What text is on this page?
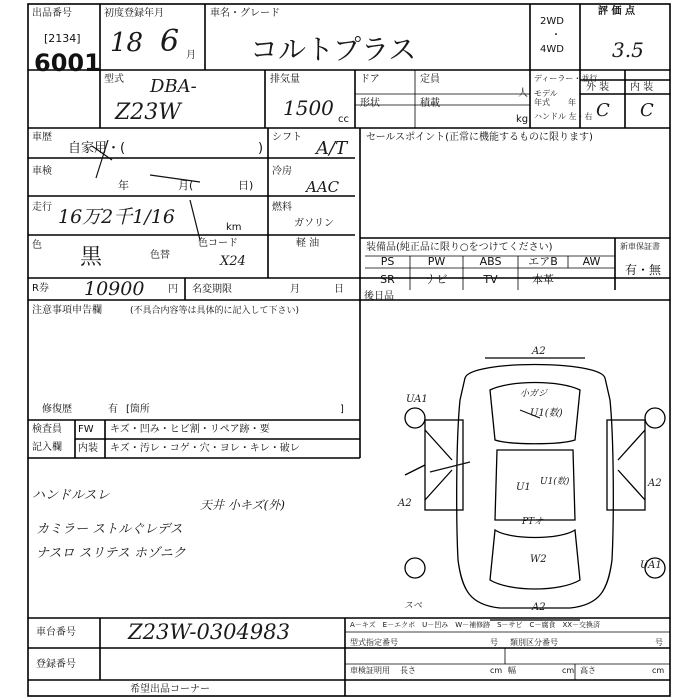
出品番号
[2134]
6001
初度登録年月
18 6 月
車名・グレード
コルトプラス
2WD
・
4WD
評 価 点
3.5
型式 DBA-
Z23W
排気量
1500 cc
ドア	定員
人
形状	積載
kg
ディーラー・並行
モデル
年式 年
ハンドル 左・右
外 装 内 装
C C
車歴
自家用・(	)
車検
年	月(	日)
走行 16万2千1/16	km
色 黒	色替
色コード
X24
シフト
A/T
冷房
AAC
燃料
ガソリン
軽 油
R券 10900 円 名変期限	月	日
セールスポイント(正常に機能するものに限ります)
装備品(純正品に限り○をつけてください)	新車保証書
有・無
PS	PW	ABS	エアB	AW
SR	ナビ	TV	本革
後日品
注意事項申告欄	(不具合内容等は具体的に記入して下さい)
修復歴	有 [箇所	]
検査員
記入欄
FW キズ・凹み・ヒビ割・リペア跡・要
内装 キズ・汚レ・コゲ・穴・ヨレ・キレ・破レ
ハンドルスレ
天井 小キズ(外)
カミラー ストルぐレデス
ナスロ スリテス ホゾニク
A2
UA1	小ガジ
U1(数)
A2
U1 U1(数)	A2
PTオ
W2
UA1
スペ	A2
車台番号 Z23W-0304983
登録番号
A－キズ　E－エクボ　U－凹み　W－補修跡　S－サビ　C－腐食　XX－交換済
型式指定番号	号 類別区分番号	号
車検証明用 長さ	cm 幅	cm 高さ	cm
希望出品コーナー
